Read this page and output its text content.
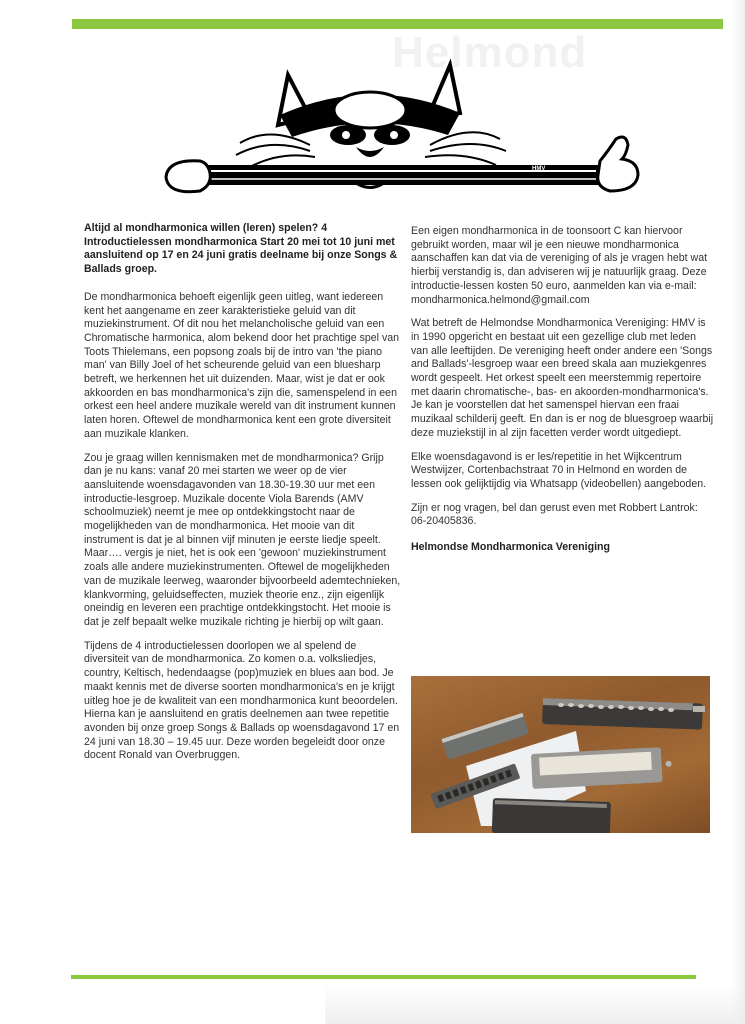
Helmond
HMV

Altijd al mondharmonica willen (leren) spelen? 4 Introductielessen mondharmonica Start 20 mei tot 10 juni met aansluitend op 17 en 24 juni gratis deelname bij onze Songs & Ballads groep.

De mondharmonica behoeft eigenlijk geen uitleg, want iedereen kent het aangename en zeer karakteristieke geluid van dit muziekinstrument. Of dit nou het melancholische geluid van een Chromatische harmonica, alom bekend door het prachtige spel van Toots Thielemans, een popsong zoals bij de intro van 'the piano man' van Billy Joel of het scheurende geluid van een bluesharp betreft, we herkennen het uit duizenden. Maar, wist je dat er ook akkoorden en bas mondharmonica's zijn die, samenspelend in een orkest een heel andere muzikale wereld van dit instrument kunnen laten horen. Oftewel de mondharmonica kent een grote diversiteit aan muzikale klanken.

Zou je graag willen kennismaken met de mondharmonica? Grijp dan je nu kans: vanaf 20 mei starten we weer op de vier aansluitende woensdagavonden van 18.30-19.30 uur met een introductie-lesgroep. Muzikale docente Viola Barends (AMV schoolmuziek) neemt je mee op ontdekkingstocht naar de mogelijkheden van de mondharmonica. Het mooie van dit instrument is dat je al binnen vijf minuten je eerste liedje speelt. Maar…. vergis je niet, het is ook een 'gewoon' muziekinstrument zoals alle andere muziekinstrumenten. Oftewel de mogelijkheden van de muzikale leerweg, waaronder bijvoorbeeld ademtechnieken, klankvorming, geluidseffecten, muziek theorie enz., zijn eigenlijk oneindig en leveren een prachtige ontdekkingstocht. Het mooie is dat je zelf bepaalt welke muzikale richting je hierbij op wilt gaan.

Tijdens de 4 introductielessen doorlopen we al spelend de diversiteit van de mondharmonica. Zo komen o.a. volksliedjes, country, Keltisch, hedendaagse (pop)muziek en blues aan bod. Je maakt kennis met de diverse soorten mondharmonica's en je krijgt uitleg hoe je de kwaliteit van een mondharmonica kunt beoordelen. Hierna kan je aansluitend en gratis deelnemen aan twee repetitie avonden bij onze groep Songs & Ballads op woensdagavond 17 en 24 juni van 18.30 – 19.45 uur. Deze worden begeleidt door onze docent Ronald van Overbruggen.

Een eigen mondharmonica in de toonsoort C kan hiervoor gebruikt worden, maar wil je een nieuwe mondharmonica aanschaffen kan dat via de vereniging of als je vragen hebt wat hierbij verstandig is, dan adviseren wij je natuurlijk graag. Deze introductie-lessen kosten 50 euro, aanmelden kan via e-mail: mondharmonica.helmond@gmail.com

Wat betreft de Helmondse Mondharmonica Vereniging: HMV is in 1990 opgericht en bestaat uit een gezellige club met leden van alle leeftijden. De vereniging heeft onder andere een 'Songs and Ballads'-lesgroep waar een breed skala aan muziekgenres wordt gespeelt. Het orkest speelt een meerstemmig repertoire met daarin chromatische-, bas- en akoorden-mondharmonica's. Je kan je voorstellen dat het samenspel hiervan een fraai muzikaal schilderij geeft. En dan is er nog de bluesgroep waarbij deze muziekstijl in al zijn facetten verder wordt uitgediept.

Elke woensdagavond is er les/repetitie in het Wijkcentrum Westwijzer, Cortenbachstraat 70 in Helmond en worden de lessen ook gelijktijdig via Whatsapp (videobellen) aangeboden.

Zijn er nog vragen, bel dan gerust even met Robbert Lantrok: 06-20405836.

Helmondse Mondharmonica Vereniging
